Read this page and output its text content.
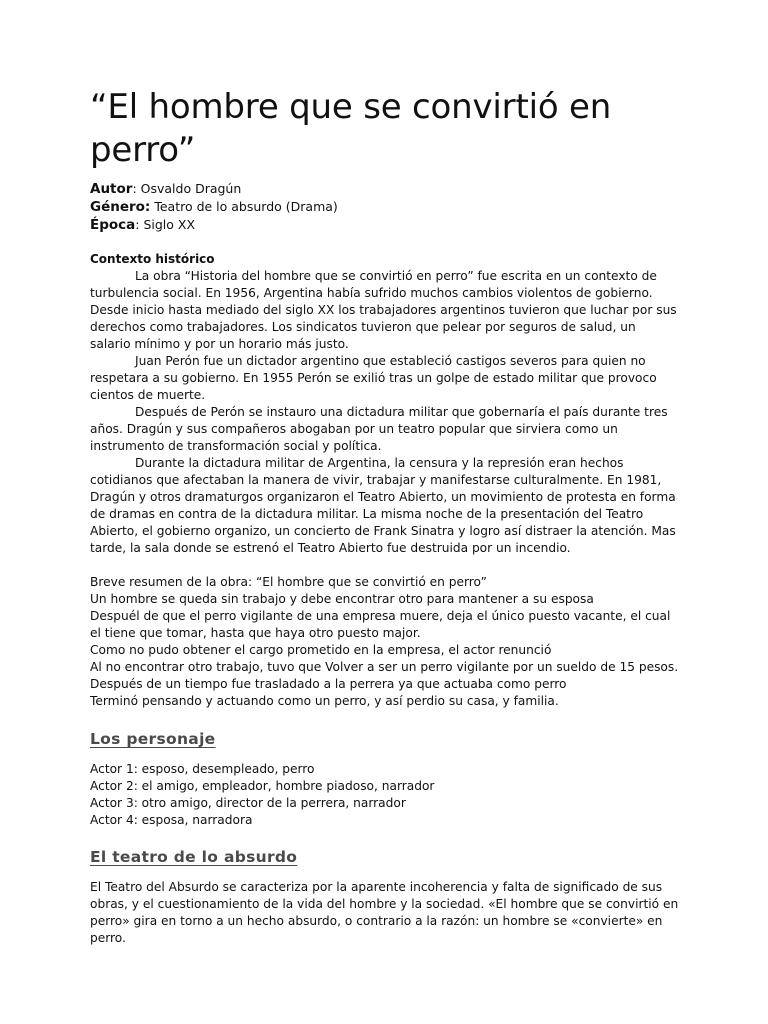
“El hombre que se convirtió en perro”

Autor: Osvaldo Dragún

Género: Teatro de lo absurdo (Drama)

Época: Siglo XX

Contexto histórico

La obra “Historia del hombre que se convirtió en perro” fue escrita en un contexto de turbulencia social. En 1956, Argentina había sufrido muchos cambios violentos de gobierno.

Desde inicio hasta mediado del siglo XX los trabajadores argentinos tuvieron que luchar por sus derechos como trabajadores. Los sindicatos tuvieron que pelear por seguros de salud, un salario mínimo y por un horario más justo.

Juan Perón fue un dictador argentino que estableció castigos severos para quien no respetara a su gobierno. En 1955 Perón se exilió tras un golpe de estado militar que provoco cientos de muerte.

Después de Perón se instauro una dictadura militar que gobernaría el país durante tres años. Dragún y sus compañeros abogaban por un teatro popular que sirviera como un instrumento de transformación social y política.

Durante la dictadura militar de Argentina, la censura y la represión eran hechos cotidianos que afectaban la manera de vivir, trabajar y manifestarse culturalmente. En 1981, Dragún y otros dramaturgos organizaron el Teatro Abierto, un movimiento de protesta en forma de dramas en contra de la dictadura militar. La misma noche de la presentación del Teatro Abierto, el gobierno organizo, un concierto de Frank Sinatra y logro así distraer la atención. Mas tarde, la sala donde se estrenó el Teatro Abierto fue destruida por un incendio.

Breve resumen de la obra: “El hombre que se convirtió en perro”

Un hombre se queda sin trabajo y debe encontrar otro para mantener a su esposa

Despuél de que el perro vigilante de una empresa muere, deja el único puesto vacante, el cual el tiene que tomar, hasta que haya otro puesto major.

Como no pudo obtener el cargo prometido en la empresa, el actor renunció

Al no encontrar otro trabajo, tuvo que Volver a ser un perro vigilante por un sueldo de 15 pesos.

Después de un tiempo fue trasladado a la perrera ya que actuaba como perro

Terminó pensando y actuando como un perro, y así perdio su casa, y familia.

Los personaje

Actor 1: esposo, desempleado, perro

Actor 2: el amigo, empleador, hombre piadoso, narrador

Actor 3: otro amigo, director de la perrera, narrador

Actor 4: esposa, narradora

El teatro de lo absurdo

El Teatro del Absurdo se caracteriza por la aparente incoherencia y falta de significado de sus obras, y el cuestionamiento de la vida del hombre y la sociedad. «El hombre que se convirtió en perro» gira en torno a un hecho absurdo, o contrario a la razón: un hombre se «convierte» en perro.
